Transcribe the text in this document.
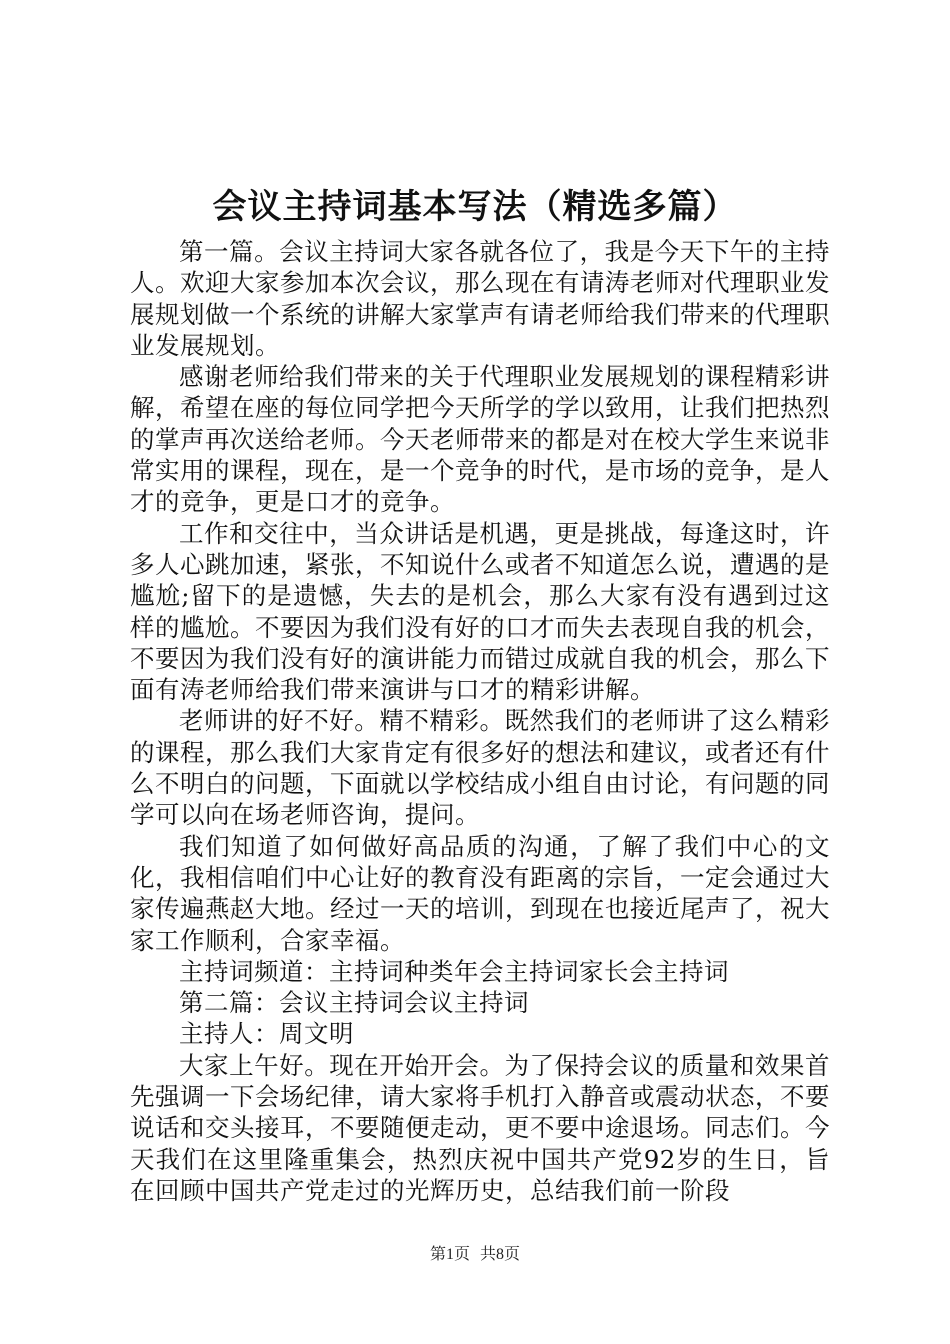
会议主持词基本写法（精选多篇）

第一篇。会议主持词大家各就各位了，我是今天下午的主持人。欢迎大家参加本次会议，那么现在有请涛老师对代理职业发展规划做一个系统的讲解大家掌声有请老师给我们带来的代理职业发展规划。

感谢老师给我们带来的关于代理职业发展规划的课程精彩讲解，希望在座的每位同学把今天所学的学以致用，让我们把热烈的掌声再次送给老师。今天老师带来的都是对在校大学生来说非常实用的课程，现在，是一个竞争的时代，是市场的竞争，是人才的竞争，更是口才的竞争。

工作和交往中，当众讲话是机遇，更是挑战，每逢这时，许多人心跳加速，紧张，不知说什么或者不知道怎么说，遭遇的是尴尬;留下的是遗憾，失去的是机会，那么大家有没有遇到过这样的尴尬。不要因为我们没有好的口才而失去表现自我的机会，不要因为我们没有好的演讲能力而错过成就自我的机会，那么下面有涛老师给我们带来演讲与口才的精彩讲解。

老师讲的好不好。精不精彩。既然我们的老师讲了这么精彩的课程，那么我们大家肯定有很多好的想法和建议，或者还有什么不明白的问题，下面就以学校结成小组自由讨论，有问题的同学可以向在场老师咨询，提问。

我们知道了如何做好高品质的沟通，了解了我们中心的文化，我相信咱们中心让好的教育没有距离的宗旨，一定会通过大家传遍燕赵大地。经过一天的培训，到现在也接近尾声了，祝大家工作顺利，合家幸福。

主持词频道：主持词种类年会主持词家长会主持词

第二篇：会议主持词会议主持词

主持人：周文明

大家上午好。现在开始开会。为了保持会议的质量和效果首先强调一下会场纪律，请大家将手机打入静音或震动状态，不要说话和交头接耳，不要随便走动，更不要中途退场。同志们。今天我们在这里隆重集会，热烈庆祝中国共产党92岁的生日，旨在回顾中国共产党走过的光辉历史，总结我们前一阶段

第1页 共8页
